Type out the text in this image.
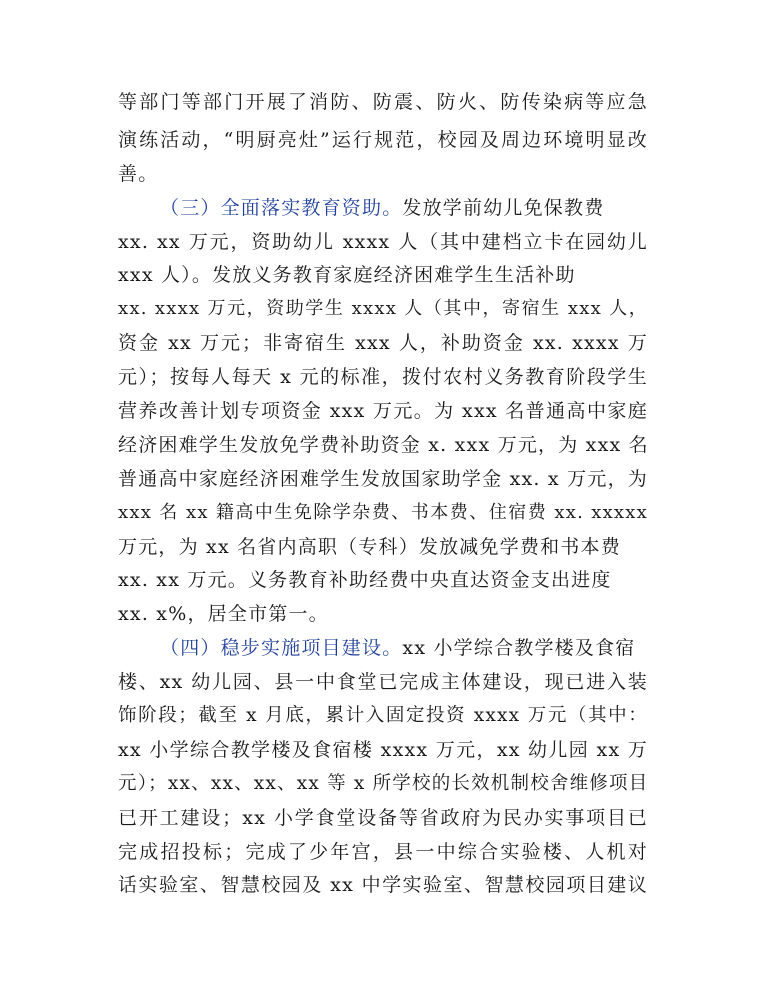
等部门等部门开展了消防、防震、防火、防传染病等应急
演练活动，“明厨亮灶”运行规范，校园及周边环境明显改
善。
（三）全面落实教育资助。发放学前幼儿免保教费
xx. xx 万元，资助幼儿 xxxx 人（其中建档立卡在园幼儿
xxx 人）。发放义务教育家庭经济困难学生生活补助
xx. xxxx 万元，资助学生 xxxx 人（其中，寄宿生 xxx 人，
资金 xx 万元；非寄宿生 xxx 人，补助资金 xx. xxxx 万
元）；按每人每天 x 元的标准，拨付农村义务教育阶段学生
营养改善计划专项资金 xxx 万元。为 xxx 名普通高中家庭
经济困难学生发放免学费补助资金 x. xxx 万元，为 xxx 名
普通高中家庭经济困难学生发放国家助学金 xx. x 万元，为
xxx 名 xx 籍高中生免除学杂费、书本费、住宿费 xx. xxxxx
万元，为 xx 名省内高职（专科）发放减免学费和书本费
xx. xx 万元。义务教育补助经费中央直达资金支出进度
xx. x%，居全市第一。
（四）稳步实施项目建设。xx 小学综合教学楼及食宿
楼、xx 幼儿园、县一中食堂已完成主体建设，现已进入装
饰阶段；截至 x 月底，累计入固定投资 xxxx 万元（其中：
xx 小学综合教学楼及食宿楼 xxxx 万元，xx 幼儿园 xx 万
元）；xx、xx、xx、xx 等 x 所学校的长效机制校舍维修项目
已开工建设；xx 小学食堂设备等省政府为民办实事项目已
完成招投标；完成了少年宫，县一中综合实验楼、人机对
话实验室、智慧校园及 xx 中学实验室、智慧校园项目建议
